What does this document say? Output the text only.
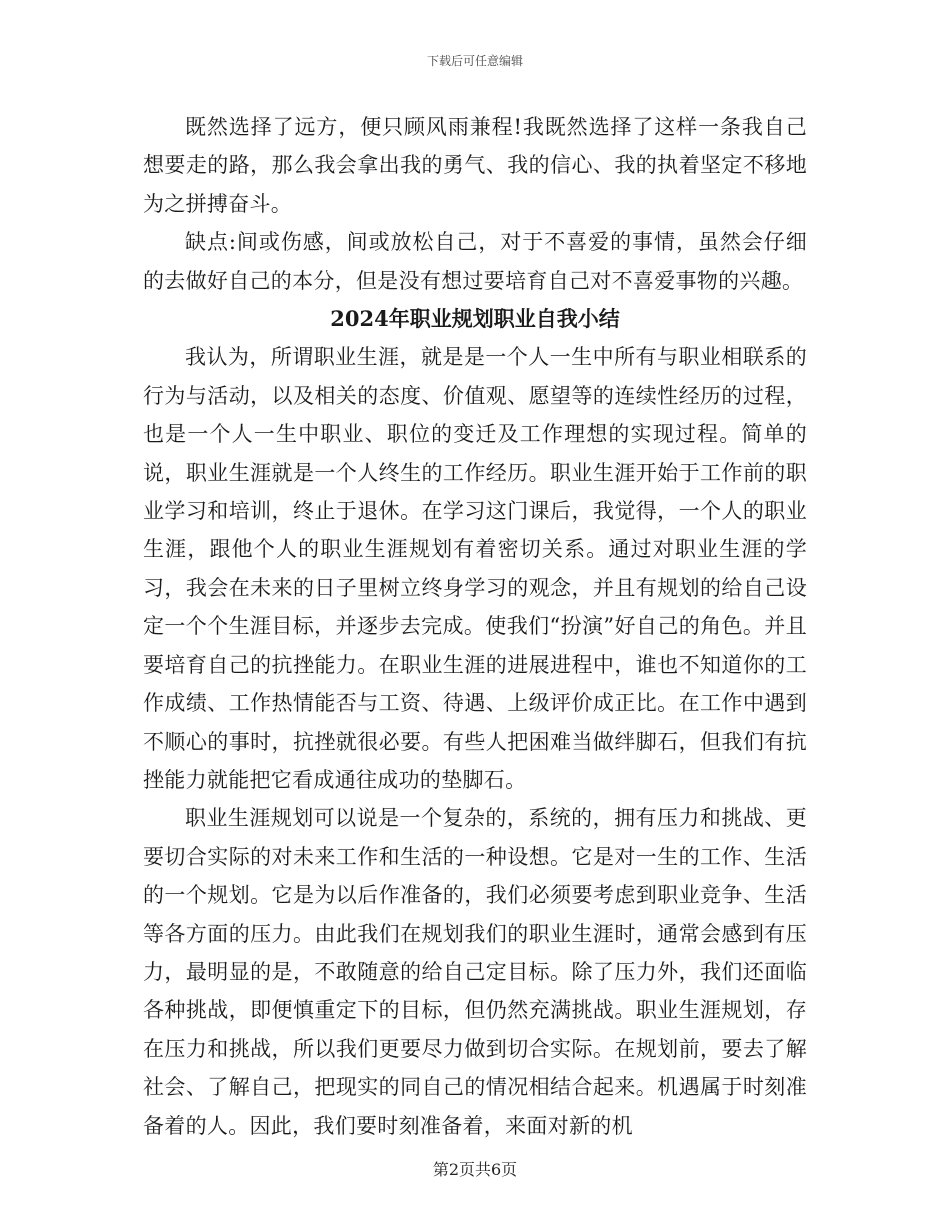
下载后可任意编辑

既然选择了远方，便只顾风雨兼程!我既然选择了这样一条我自己想要走的路，那么我会拿出我的勇气、我的信心、我的执着坚定不移地为之拼搏奋斗。

缺点:间或伤感，间或放松自己，对于不喜爱的事情，虽然会仔细的去做好自己的本分，但是没有想过要培育自己对不喜爱事物的兴趣。

2024年职业规划职业自我小结

我认为，所谓职业生涯，就是是一个人一生中所有与职业相联系的行为与活动，以及相关的态度、价值观、愿望等的连续性经历的过程，也是一个人一生中职业、职位的变迁及工作理想的实现过程。简单的说，职业生涯就是一个人终生的工作经历。职业生涯开始于工作前的职业学习和培训，终止于退休。在学习这门课后，我觉得，一个人的职业生涯，跟他个人的职业生涯规划有着密切关系。通过对职业生涯的学习，我会在未来的日子里树立终身学习的观念，并且有规划的给自己设定一个个生涯目标，并逐步去完成。使我们“扮演”好自己的角色。并且要培育自己的抗挫能力。在职业生涯的进展进程中，谁也不知道你的工作成绩、工作热情能否与工资、待遇、上级评价成正比。在工作中遇到不顺心的事时，抗挫就很必要。有些人把困难当做绊脚石，但我们有抗挫能力就能把它看成通往成功的垫脚石。

职业生涯规划可以说是一个复杂的，系统的，拥有压力和挑战、更要切合实际的对未来工作和生活的一种设想。它是对一生的工作、生活的一个规划。它是为以后作准备的，我们必须要考虑到职业竞争、生活等各方面的压力。由此我们在规划我们的职业生涯时，通常会感到有压力，最明显的是，不敢随意的给自己定目标。除了压力外，我们还面临各种挑战，即便慎重定下的目标，但仍然充满挑战。职业生涯规划，存在压力和挑战，所以我们更要尽力做到切合实际。在规划前，要去了解社会、了解自己，把现实的同自己的情况相结合起来。机遇属于时刻准备着的人。因此，我们要时刻准备着，来面对新的机

第2页共6页
